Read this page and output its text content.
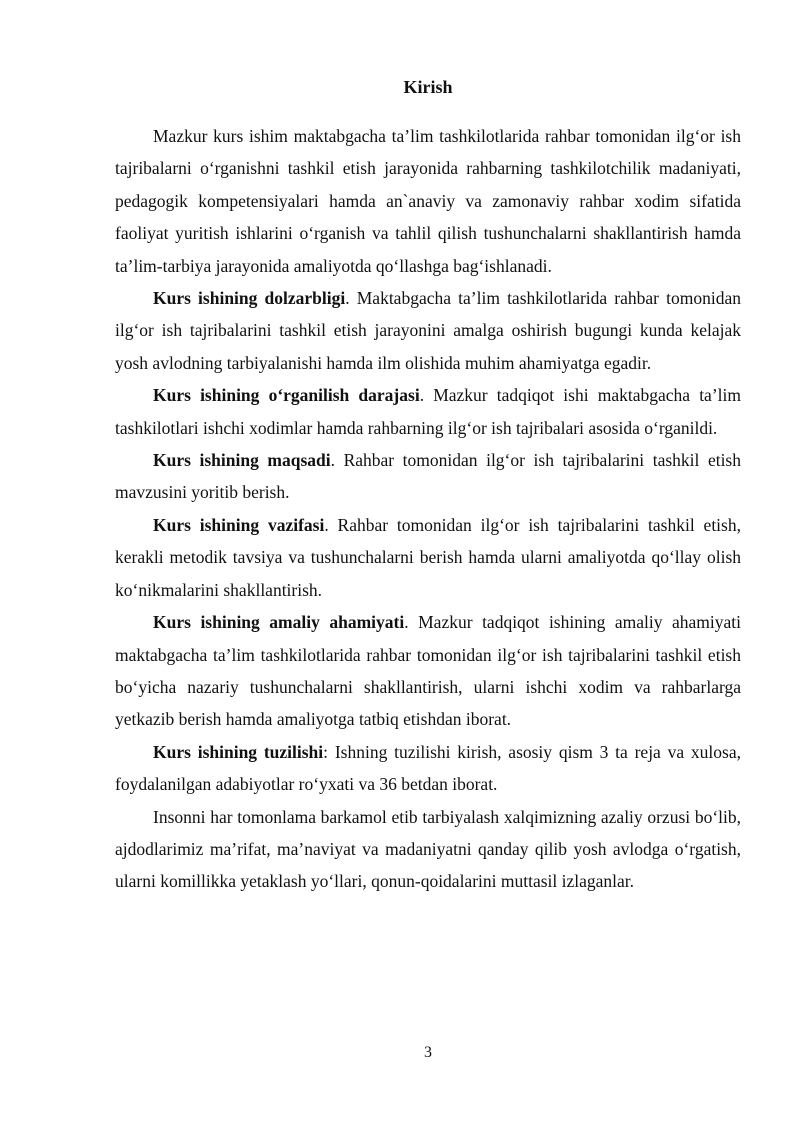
Kirish

Mazkur kurs ishim maktabgacha ta’lim tashkilotlarida rahbar tomonidan ilg‘or ish tajribalarni o‘rganishni tashkil etish jarayonida rahbarning tashkilotchilik madaniyati, pedagogik kompetensiyalari hamda an`anaviy va zamonaviy rahbar xodim sifatida faoliyat yuritish ishlarini o‘rganish va tahlil qilish tushunchalarni shakllantirish hamda ta’lim-tarbiya jarayonida amaliyotda qo‘llashga bag‘ishlanadi.

Kurs ishining dolzarbligi. Maktabgacha ta’lim tashkilotlarida rahbar tomonidan ilg‘or ish tajribalarini tashkil etish jarayonini amalga oshirish bugungi kunda kelajak yosh avlodning tarbiyalanishi hamda ilm olishida muhim ahamiyatga egadir.

Kurs ishining o‘rganilish darajasi. Mazkur tadqiqot ishi maktabgacha ta’lim tashkilotlari ishchi xodimlar hamda rahbarning ilg‘or ish tajribalari asosida o‘rganildi.

Kurs ishining maqsadi. Rahbar tomonidan ilg‘or ish tajribalarini tashkil etish mavzusini yoritib berish.

Kurs ishining vazifasi. Rahbar tomonidan ilg‘or ish tajribalarini tashkil etish, kerakli metodik tavsiya va tushunchalarni berish hamda ularni amaliyotda qo‘llay olish ko‘nikmalarini shakllantirish.

Kurs ishining amaliy ahamiyati. Mazkur tadqiqot ishining amaliy ahamiyati maktabgacha ta’lim tashkilotlarida rahbar tomonidan ilg‘or ish tajribalarini tashkil etish bo‘yicha nazariy tushunchalarni shakllantirish, ularni ishchi xodim va rahbarlarga yetkazib berish hamda amaliyotga tatbiq etishdan iborat.

Kurs ishining tuzilishi: Ishning tuzilishi kirish, asosiy qism 3 ta reja va xulosa, foydalanilgan adabiyotlar ro‘yxati va 36 betdan iborat.

Insonni har tomonlama barkamol etib tarbiyalash xalqimizning azaliy orzusi bo‘lib, ajdodlarimiz ma’rifat, ma’naviyat va madaniyatni qanday qilib yosh avlodga o‘rgatish, ularni komillikka yetaklash yo‘llari, qonun-qoidalarini muttasil izlaganlar.

3
